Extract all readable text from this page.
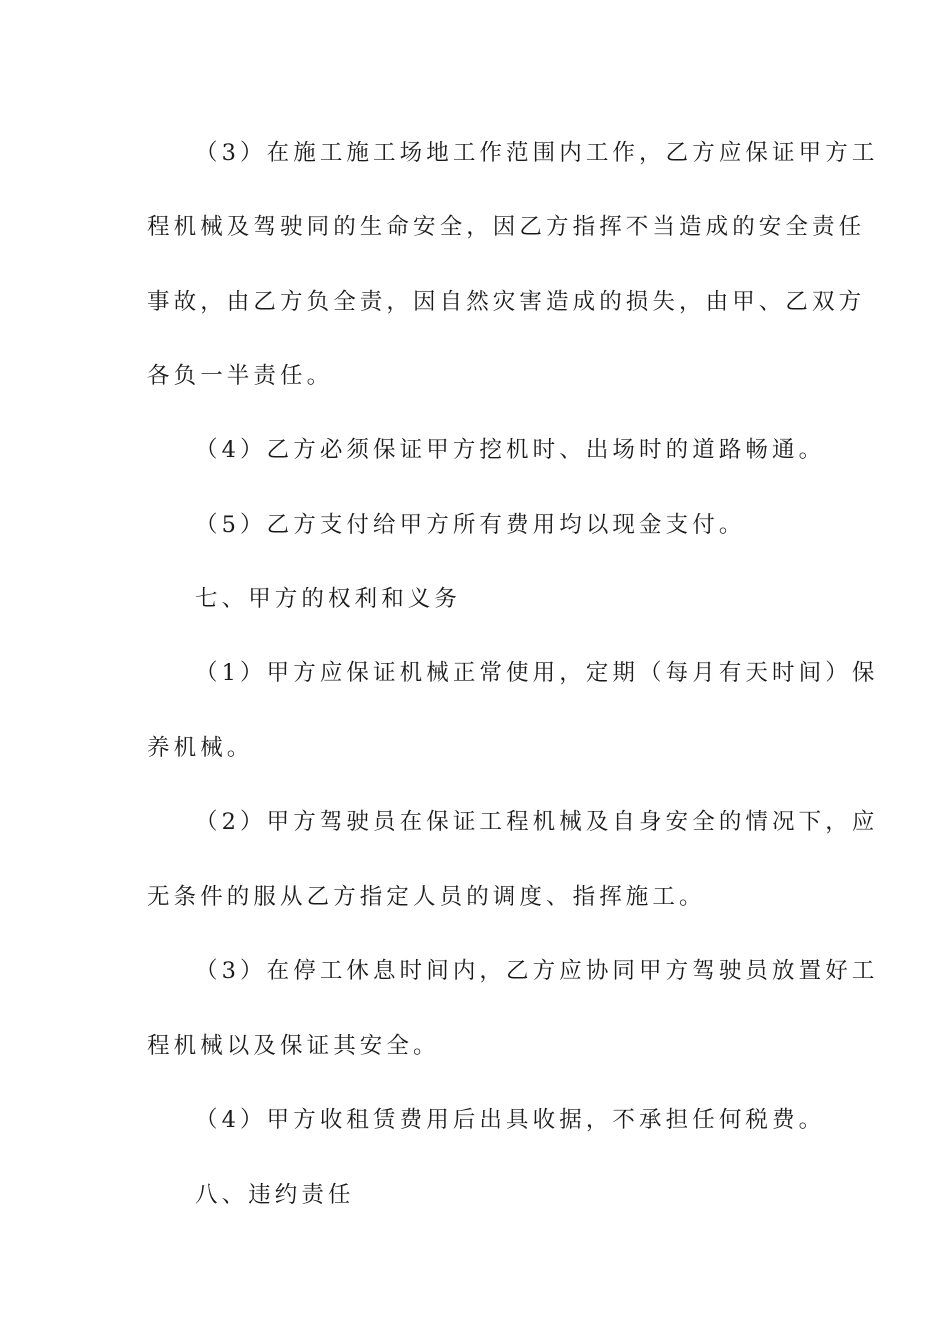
（3）在施工施工场地工作范围内工作，乙方应保证甲方工
程机械及驾驶同的生命安全，因乙方指挥不当造成的安全责任
事故，由乙方负全责，因自然灾害造成的损失，由甲、乙双方
各负一半责任。
（4）乙方必须保证甲方挖机时、出场时的道路畅通。
（5）乙方支付给甲方所有费用均以现金支付。
七、甲方的权利和义务
（1）甲方应保证机械正常使用，定期（每月有天时间）保
养机械。
（2）甲方驾驶员在保证工程机械及自身安全的情况下，应
无条件的服从乙方指定人员的调度、指挥施工。
（3）在停工休息时间内，乙方应协同甲方驾驶员放置好工
程机械以及保证其安全。
（4）甲方收租赁费用后出具收据，不承担任何税费。
八、违约责任
